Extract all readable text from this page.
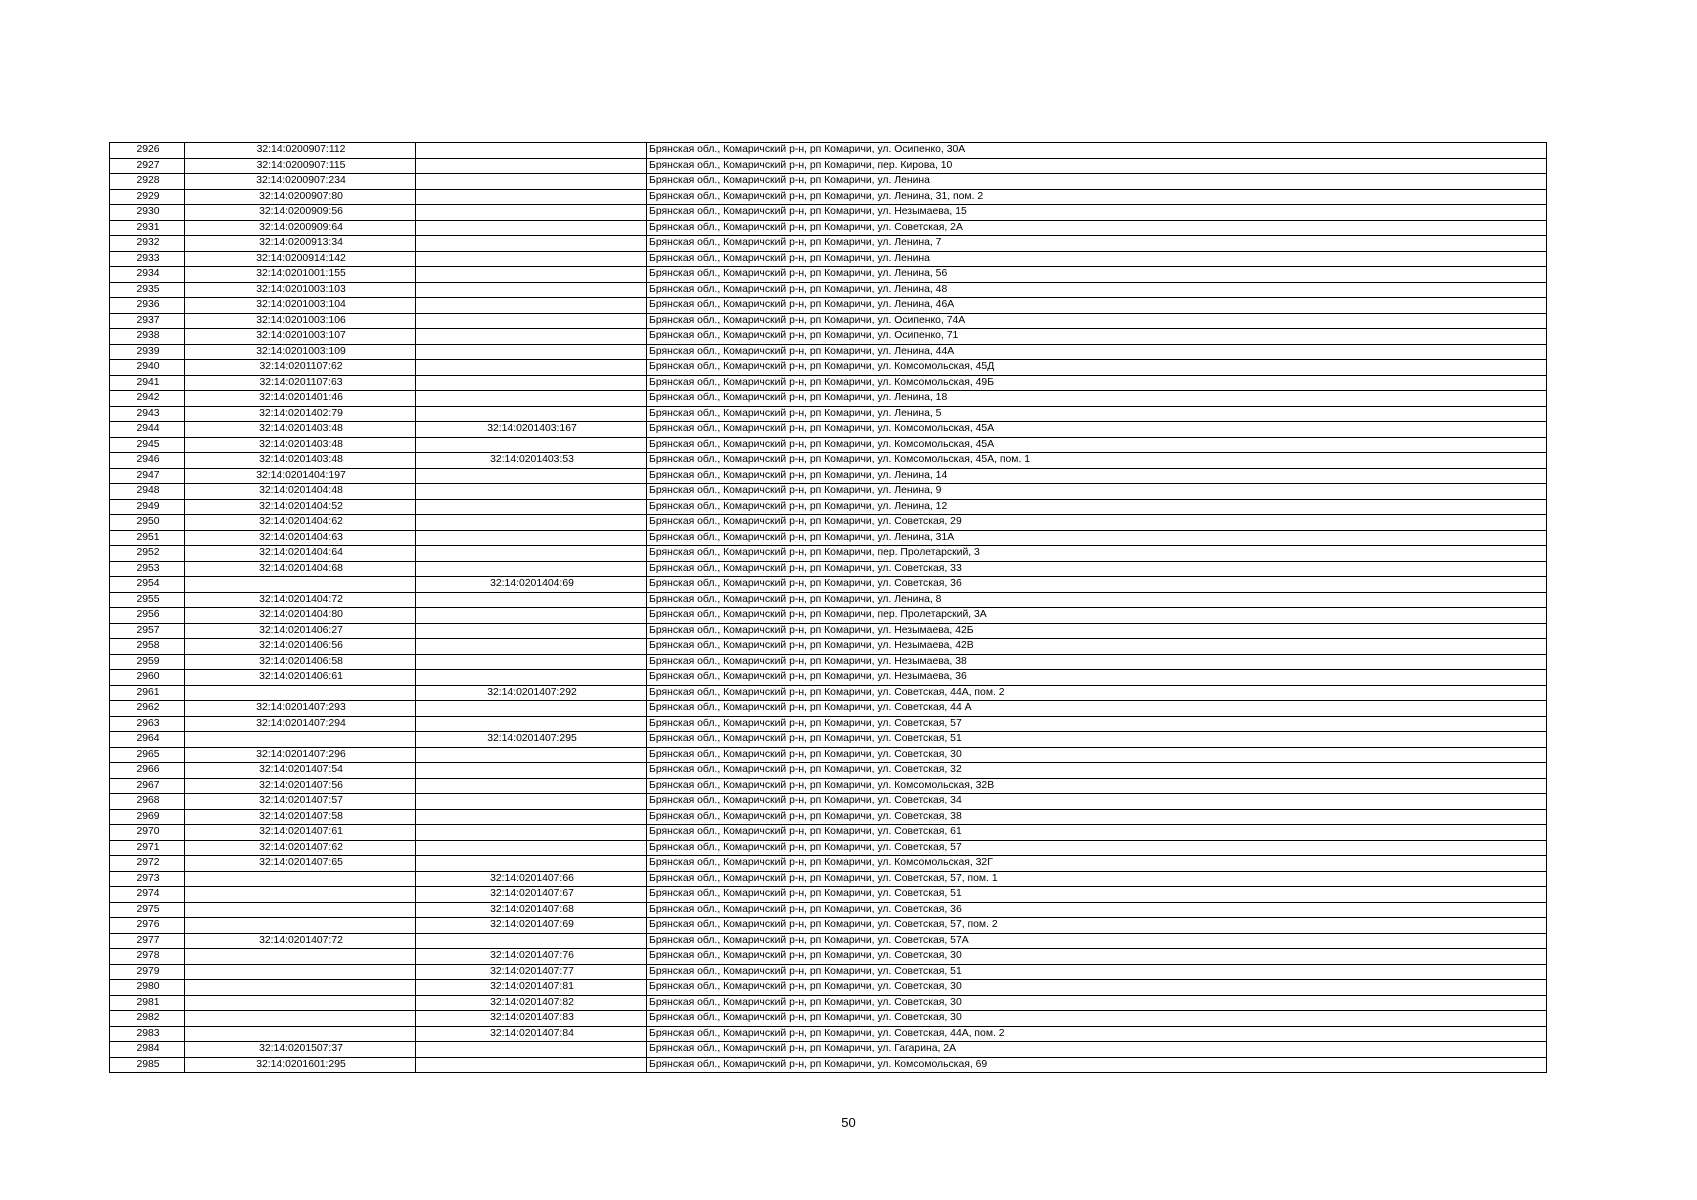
2926	32:14:0200907:112		Брянская обл., Комаричский р-н, рп Комаричи, ул. Осипенко, 30А
2927	32:14:0200907:115		Брянская обл., Комаричский р-н, рп Комаричи, пер. Кирова, 10
2928	32:14:0200907:234		Брянская обл., Комаричский р-н, рп Комаричи, ул. Ленина
2929	32:14:0200907:80		Брянская обл., Комаричский р-н, рп Комаричи, ул. Ленина, 31, пом. 2
2930	32:14:0200909:56		Брянская обл., Комаричский р-н, рп Комаричи, ул. Незымаева, 15
2931	32:14:0200909:64		Брянская обл., Комаричский р-н, рп Комаричи, ул. Советская, 2А
2932	32:14:0200913:34		Брянская обл., Комаричский р-н, рп Комаричи, ул. Ленина, 7
2933	32:14:0200914:142		Брянская обл., Комаричский р-н, рп Комаричи, ул. Ленина
2934	32:14:0201001:155		Брянская обл., Комаричский р-н, рп Комаричи, ул. Ленина, 56
2935	32:14:0201003:103		Брянская обл., Комаричский р-н, рп Комаричи, ул. Ленина, 48
2936	32:14:0201003:104		Брянская обл., Комаричский р-н, рп Комаричи, ул. Ленина, 46А
2937	32:14:0201003:106		Брянская обл., Комаричский р-н, рп Комаричи, ул. Осипенко, 74А
2938	32:14:0201003:107		Брянская обл., Комаричский р-н, рп Комаричи, ул. Осипенко, 71
2939	32:14:0201003:109		Брянская обл., Комаричский р-н, рп Комаричи, ул. Ленина, 44А
2940	32:14:0201107:62		Брянская обл., Комаричский р-н, рп Комаричи, ул. Комсомольская, 45Д
2941	32:14:0201107:63		Брянская обл., Комаричский р-н, рп Комаричи, ул. Комсомольская, 49Б
2942	32:14:0201401:46		Брянская обл., Комаричский р-н, рп Комаричи, ул. Ленина, 18
2943	32:14:0201402:79		Брянская обл., Комаричский р-н, рп Комаричи, ул. Ленина, 5
2944	32:14:0201403:48	32:14:0201403:167	Брянская обл., Комаричский р-н, рп Комаричи, ул. Комсомольская, 45А
2945	32:14:0201403:48		Брянская обл., Комаричский р-н, рп Комаричи, ул. Комсомольская, 45А
2946	32:14:0201403:48	32:14:0201403:53	Брянская обл., Комаричский р-н, рп Комаричи, ул. Комсомольская, 45А, пом. 1
2947	32:14:0201404:197		Брянская обл., Комаричский р-н, рп Комаричи, ул. Ленина, 14
2948	32:14:0201404:48		Брянская обл., Комаричский р-н, рп Комаричи, ул. Ленина, 9
2949	32:14:0201404:52		Брянская обл., Комаричский р-н, рп Комаричи, ул. Ленина, 12
2950	32:14:0201404:62		Брянская обл., Комаричский р-н, рп Комаричи, ул. Советская, 29
2951	32:14:0201404:63		Брянская обл., Комаричский р-н, рп Комаричи, ул. Ленина, 31А
2952	32:14:0201404:64		Брянская обл., Комаричский р-н, рп Комаричи, пер. Пролетарский, 3
2953	32:14:0201404:68		Брянская обл., Комаричский р-н, рп Комаричи, ул. Советская, 33
2954		32:14:0201404:69	Брянская обл., Комаричский р-н, рп Комаричи, ул. Советская, 36
2955	32:14:0201404:72		Брянская обл., Комаричский р-н, рп Комаричи, ул. Ленина, 8
2956	32:14:0201404:80		Брянская обл., Комаричский р-н, рп Комаричи, пер. Пролетарский, 3А
2957	32:14:0201406:27		Брянская обл., Комаричский р-н, рп Комаричи, ул. Незымаева, 42Б
2958	32:14:0201406:56		Брянская обл., Комаричский р-н, рп Комаричи, ул. Незымаева, 42В
2959	32:14:0201406:58		Брянская обл., Комаричский р-н, рп Комаричи, ул. Незымаева, 38
2960	32:14:0201406:61		Брянская обл., Комаричский р-н, рп Комаричи, ул. Незымаева, 36
2961		32:14:0201407:292	Брянская обл., Комаричский р-н, рп Комаричи, ул. Советская, 44А, пом. 2
2962	32:14:0201407:293		Брянская обл., Комаричский р-н, рп Комаричи, ул. Советская, 44 А
2963	32:14:0201407:294		Брянская обл., Комаричский р-н, рп Комаричи, ул. Советская, 57
2964		32:14:0201407:295	Брянская обл., Комаричский р-н, рп Комаричи, ул. Советская, 51
2965	32:14:0201407:296		Брянская обл., Комаричский р-н, рп Комаричи, ул. Советская, 30
2966	32:14:0201407:54		Брянская обл., Комаричский р-н, рп Комаричи, ул. Советская, 32
2967	32:14:0201407:56		Брянская обл., Комаричский р-н, рп Комаричи, ул. Комсомольская, 32В
2968	32:14:0201407:57		Брянская обл., Комаричский р-н, рп Комаричи, ул. Советская, 34
2969	32:14:0201407:58		Брянская обл., Комаричский р-н, рп Комаричи, ул. Советская, 38
2970	32:14:0201407:61		Брянская обл., Комаричский р-н, рп Комаричи, ул. Советская, 61
2971	32:14:0201407:62		Брянская обл., Комаричский р-н, рп Комаричи, ул. Советская, 57
2972	32:14:0201407:65		Брянская обл., Комаричский р-н, рп Комаричи, ул. Комсомольская, 32Г
2973		32:14:0201407:66	Брянская обл., Комаричский р-н, рп Комаричи, ул. Советская, 57, пом. 1
2974		32:14:0201407:67	Брянская обл., Комаричский р-н, рп Комаричи, ул. Советская, 51
2975		32:14:0201407:68	Брянская обл., Комаричский р-н, рп Комаричи, ул. Советская, 36
2976		32:14:0201407:69	Брянская обл., Комаричский р-н, рп Комаричи, ул. Советская, 57, пом. 2
2977	32:14:0201407:72		Брянская обл., Комаричский р-н, рп Комаричи, ул. Советская, 57А
2978		32:14:0201407:76	Брянская обл., Комаричский р-н, рп Комаричи, ул. Советская, 30
2979		32:14:0201407:77	Брянская обл., Комаричский р-н, рп Комаричи, ул. Советская, 51
2980		32:14:0201407:81	Брянская обл., Комаричский р-н, рп Комаричи, ул. Советская, 30
2981		32:14:0201407:82	Брянская обл., Комаричский р-н, рп Комаричи, ул. Советская, 30
2982		32:14:0201407:83	Брянская обл., Комаричский р-н, рп Комаричи, ул. Советская, 30
2983		32:14:0201407:84	Брянская обл., Комаричский р-н, рп Комаричи, ул. Советская, 44А, пом. 2
2984	32:14:0201507:37		Брянская обл., Комаричский р-н, рп Комаричи, ул. Гагарина, 2А
2985	32:14:0201601:295		Брянская обл., Комаричский р-н, рп Комаричи, ул. Комсомольская, 69
50
